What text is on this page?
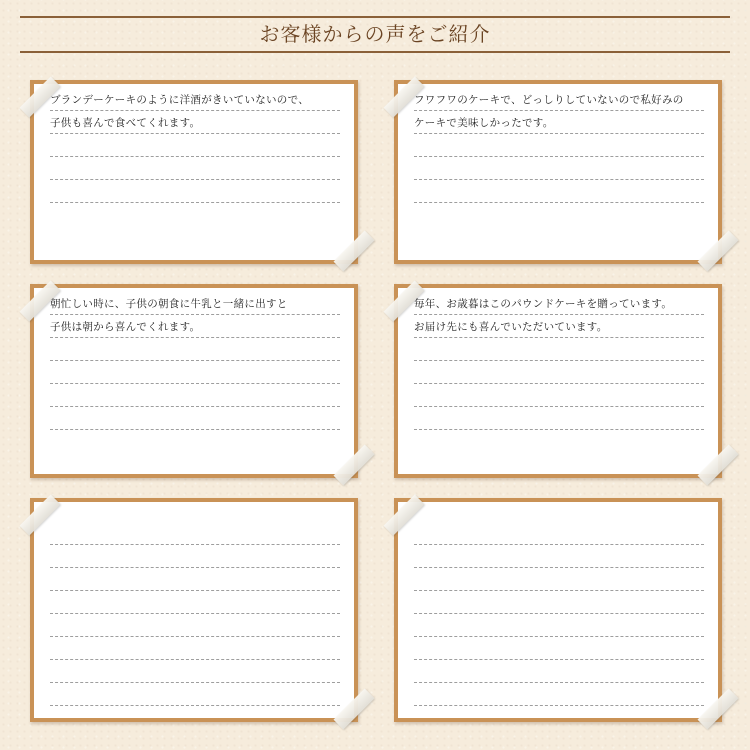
お客様からの声をご紹介
ブランデーケーキのように洋酒がきいていないので、
子供も喜んで食べてくれます。
フワフワのケーキで、どっしりしていないので私好みの
ケーキで美味しかったです。
朝忙しい時に、子供の朝食に牛乳と一緒に出すと
子供は朝から喜んでくれます。
毎年、お歳暮はこのパウンドケーキを贈っています。
お届け先にも喜んでいただいています。
